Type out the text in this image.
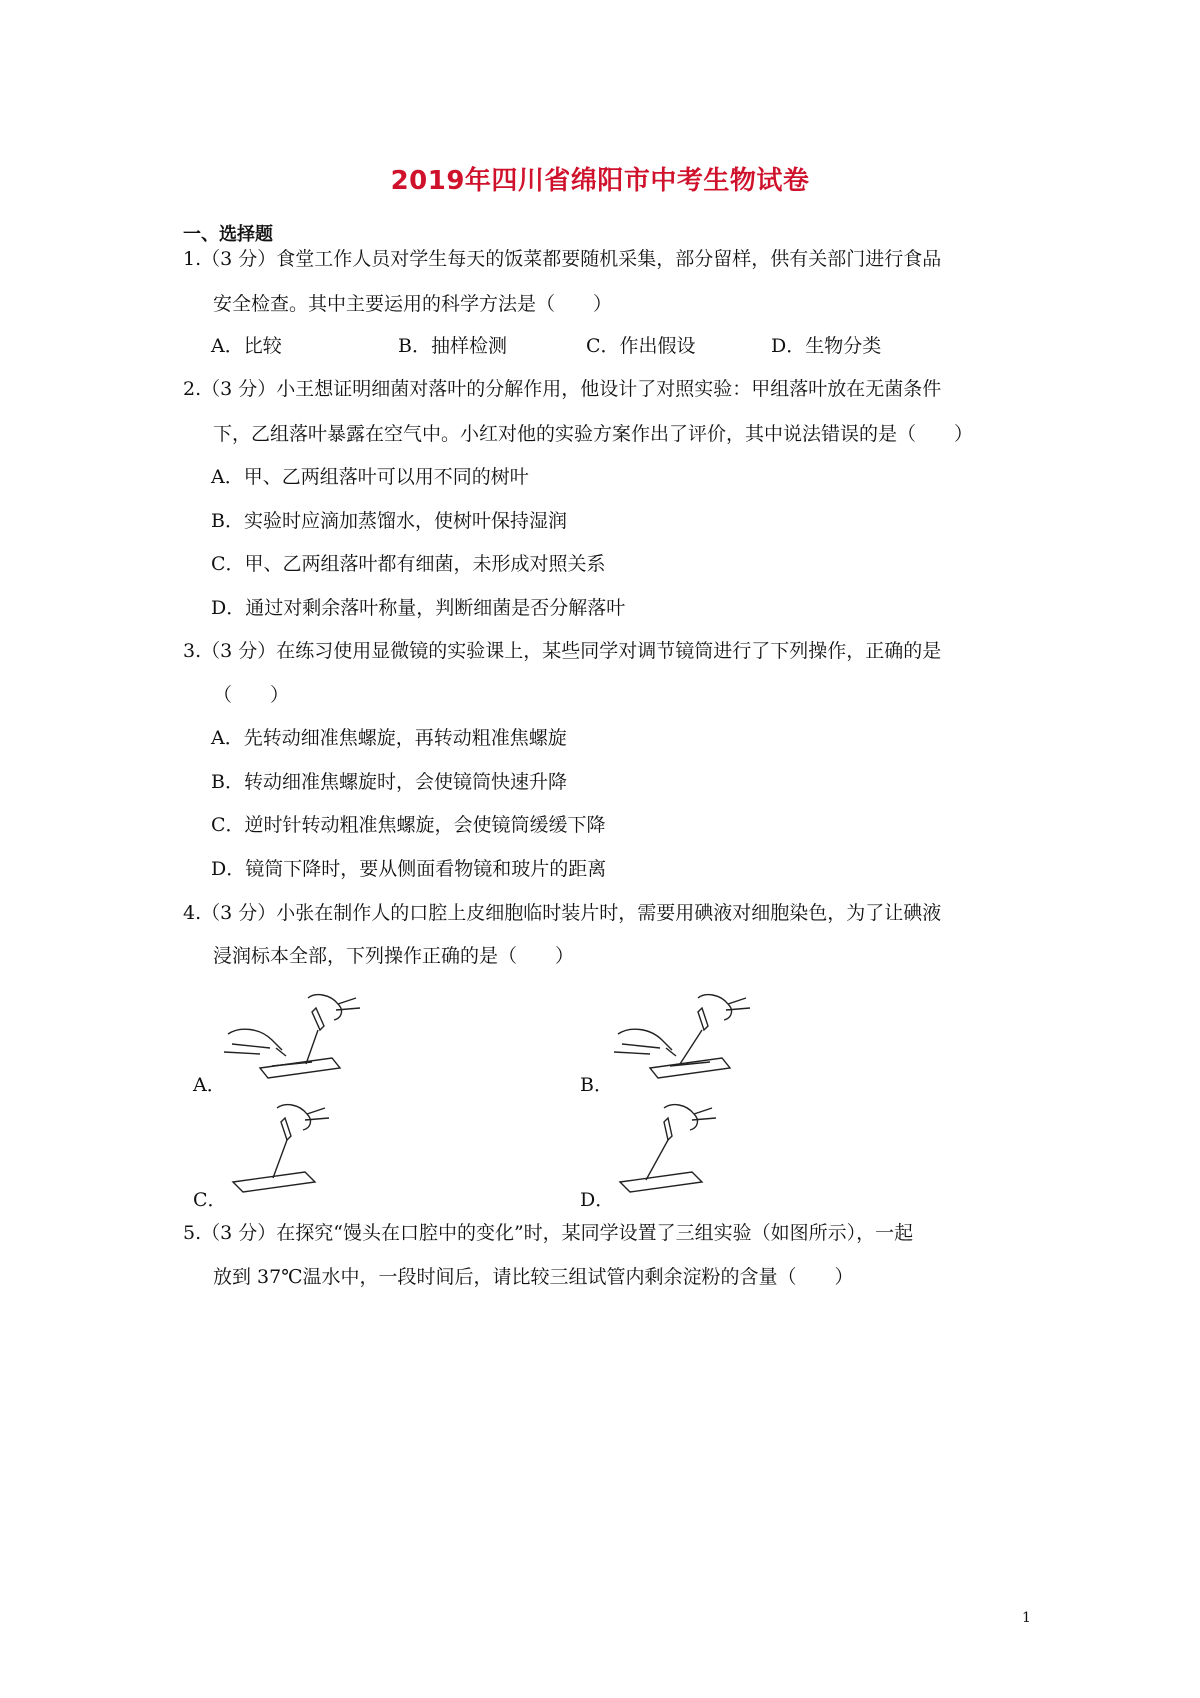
2019年四川省绵阳市中考生物试卷
一、选择题
1.（3 分）食堂工作人员对学生每天的饭菜都要随机采集，部分留样，供有关部门进行食品
安全检查。其中主要运用的科学方法是（　　）
A．比较	B．抽样检测	C．作出假设	D．生物分类
2.（3 分）小王想证明细菌对落叶的分解作用，他设计了对照实验：甲组落叶放在无菌条件
下，乙组落叶暴露在空气中。小红对他的实验方案作出了评价，其中说法错误的是（　　）
A．甲、乙两组落叶可以用不同的树叶
B．实验时应滴加蒸馏水，使树叶保持湿润
C．甲、乙两组落叶都有细菌，未形成对照关系
D．通过对剩余落叶称量，判断细菌是否分解落叶
3.（3 分）在练习使用显微镜的实验课上，某些同学对调节镜筒进行了下列操作，正确的是
（　　）
A．先转动细准焦螺旋，再转动粗准焦螺旋
B．转动细准焦螺旋时，会使镜筒快速升降
C．逆时针转动粗准焦螺旋，会使镜筒缓缓下降
D．镜筒下降时，要从侧面看物镜和玻片的距离
4.（3 分）小张在制作人的口腔上皮细胞临时装片时，需要用碘液对细胞染色，为了让碘液
浸润标本全部，下列操作正确的是（　　）
A．	B．
C．	D．
5.（3 分）在探究“馒头在口腔中的变化”时，某同学设置了三组实验（如图所示），一起
放到 37℃温水中，一段时间后，请比较三组试管内剩余淀粉的含量（　　）
1
